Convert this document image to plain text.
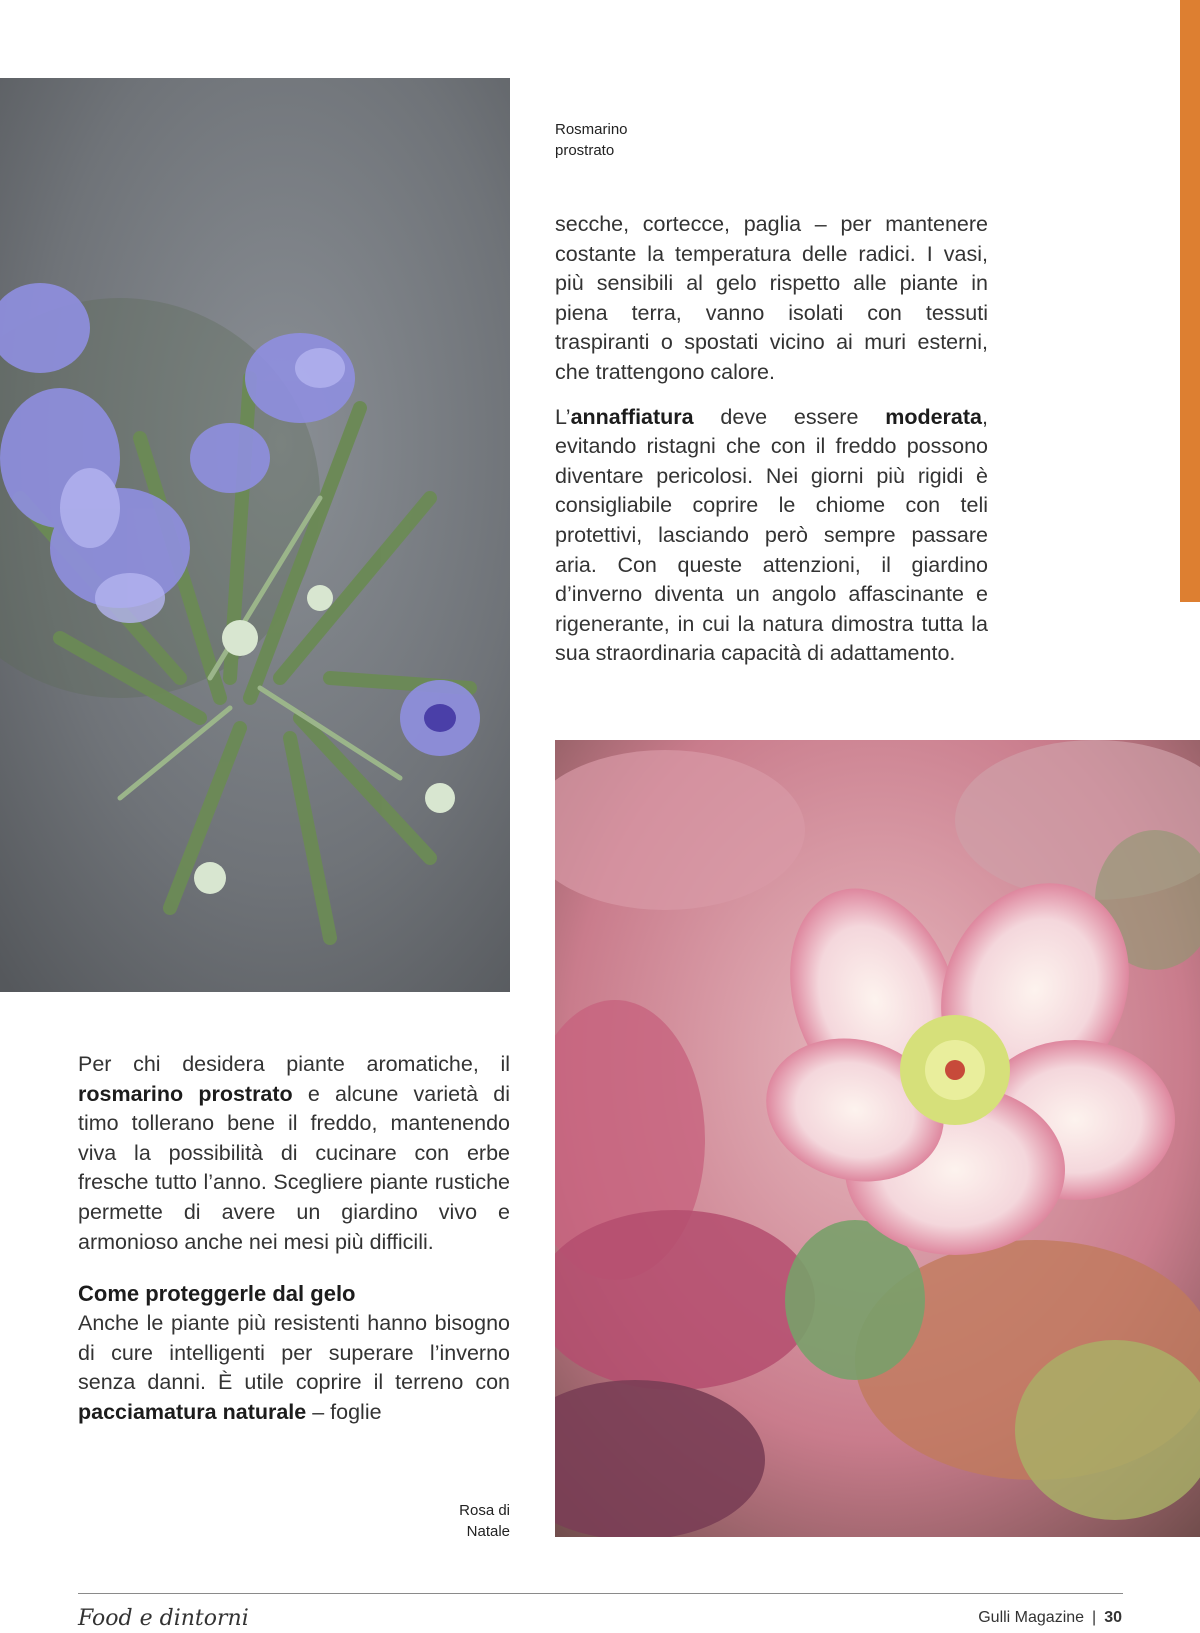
Rosmarino
prostrato

secche, cortecce, paglia – per mantenere costante la temperatura delle radici. I vasi, più sensibili al gelo rispetto alle piante in piena terra, vanno isolati con tessuti traspiranti o spostati vicino ai muri esterni, che trattengono calore.

L’annaffiatura deve essere moderata, evitando ristagni che con il freddo possono diventare pericolosi. Nei giorni più rigidi è consigliabile coprire le chiome con teli protettivi, lasciando però sempre passare aria. Con queste attenzioni, il giardino d’inverno diventa un angolo affascinante e rigenerante, in cui la natura dimostra tutta la sua straordinaria capacità di adattamento.

Per chi desidera piante aromatiche, il rosmarino prostrato e alcune varietà di timo tollerano bene il freddo, mantenendo viva la possibilità di cucinare con erbe fresche tutto l’anno. Scegliere piante rustiche permette di avere un giardino vivo e armonioso anche nei mesi più difficili.

Come proteggerle dal gelo

Anche le piante più resistenti hanno bisogno di cure intelligenti per superare l’inverno senza danni. È utile coprire il terreno con pacciamatura naturale – foglie

Rosa di
Natale
Food e dintorni	Gulli Magazine | 30
